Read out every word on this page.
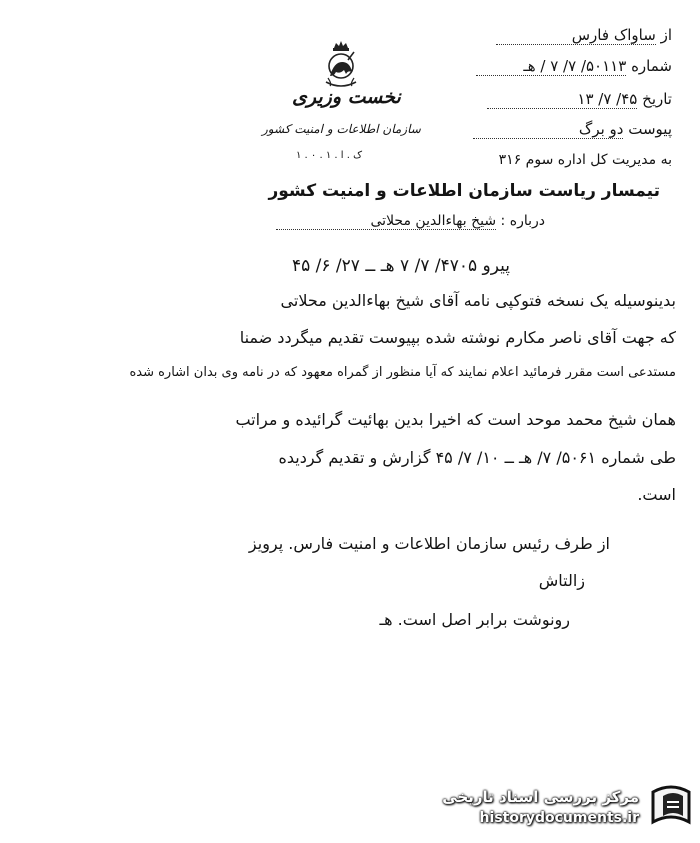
از ساواک فارس
شماره ۵۰۱۱۳/ ۷/ ۷ / هـ
تاریخ ۴۵/ ۷/ ۱۳
پیوست دو برگ
نخست وزیری
سازمان اطلاعات و امنیت کشور
ک . ا . ۱ . ۰ . ۱	به مدیریت کل اداره سوم ۳۱۶
تیمسار ریاست سازمان اطلاعات و امنیت کشور
درباره : شیخ بهاءالدین محلاتی
پیرو ۴۷۰۵/ ۷/ ۷ هـ ــ ۲۷/ ۶/ ۴۵
بدینوسیله یک نسخه فتوکپی نامه آقای شیخ بهاءالدین محلاتی
که جهت آقای ناصر مکارم نوشته شده بپیوست تقدیم میگردد ضمنا
مستدعی است مقرر فرمائید اعلام نمایند که آیا منظور از گمراه معهود که در نامه وی بدان اشاره شده
همان شیخ محمد موحد است که اخیرا بدین بهائیت گرائیده و مراتب
طی شماره ۵۰۶۱/ ۷/ هـ ــ ۱۰/ ۷/ ۴۵ گزارش و تقدیم گردیده
است.
از طرف رئیس سازمان اطلاعات و امنیت فارس. پرویز
زالتاش
رونوشت برابر اصل است. هـ
مرکز بررسی اسناد تاریخی
historydocuments.ir
